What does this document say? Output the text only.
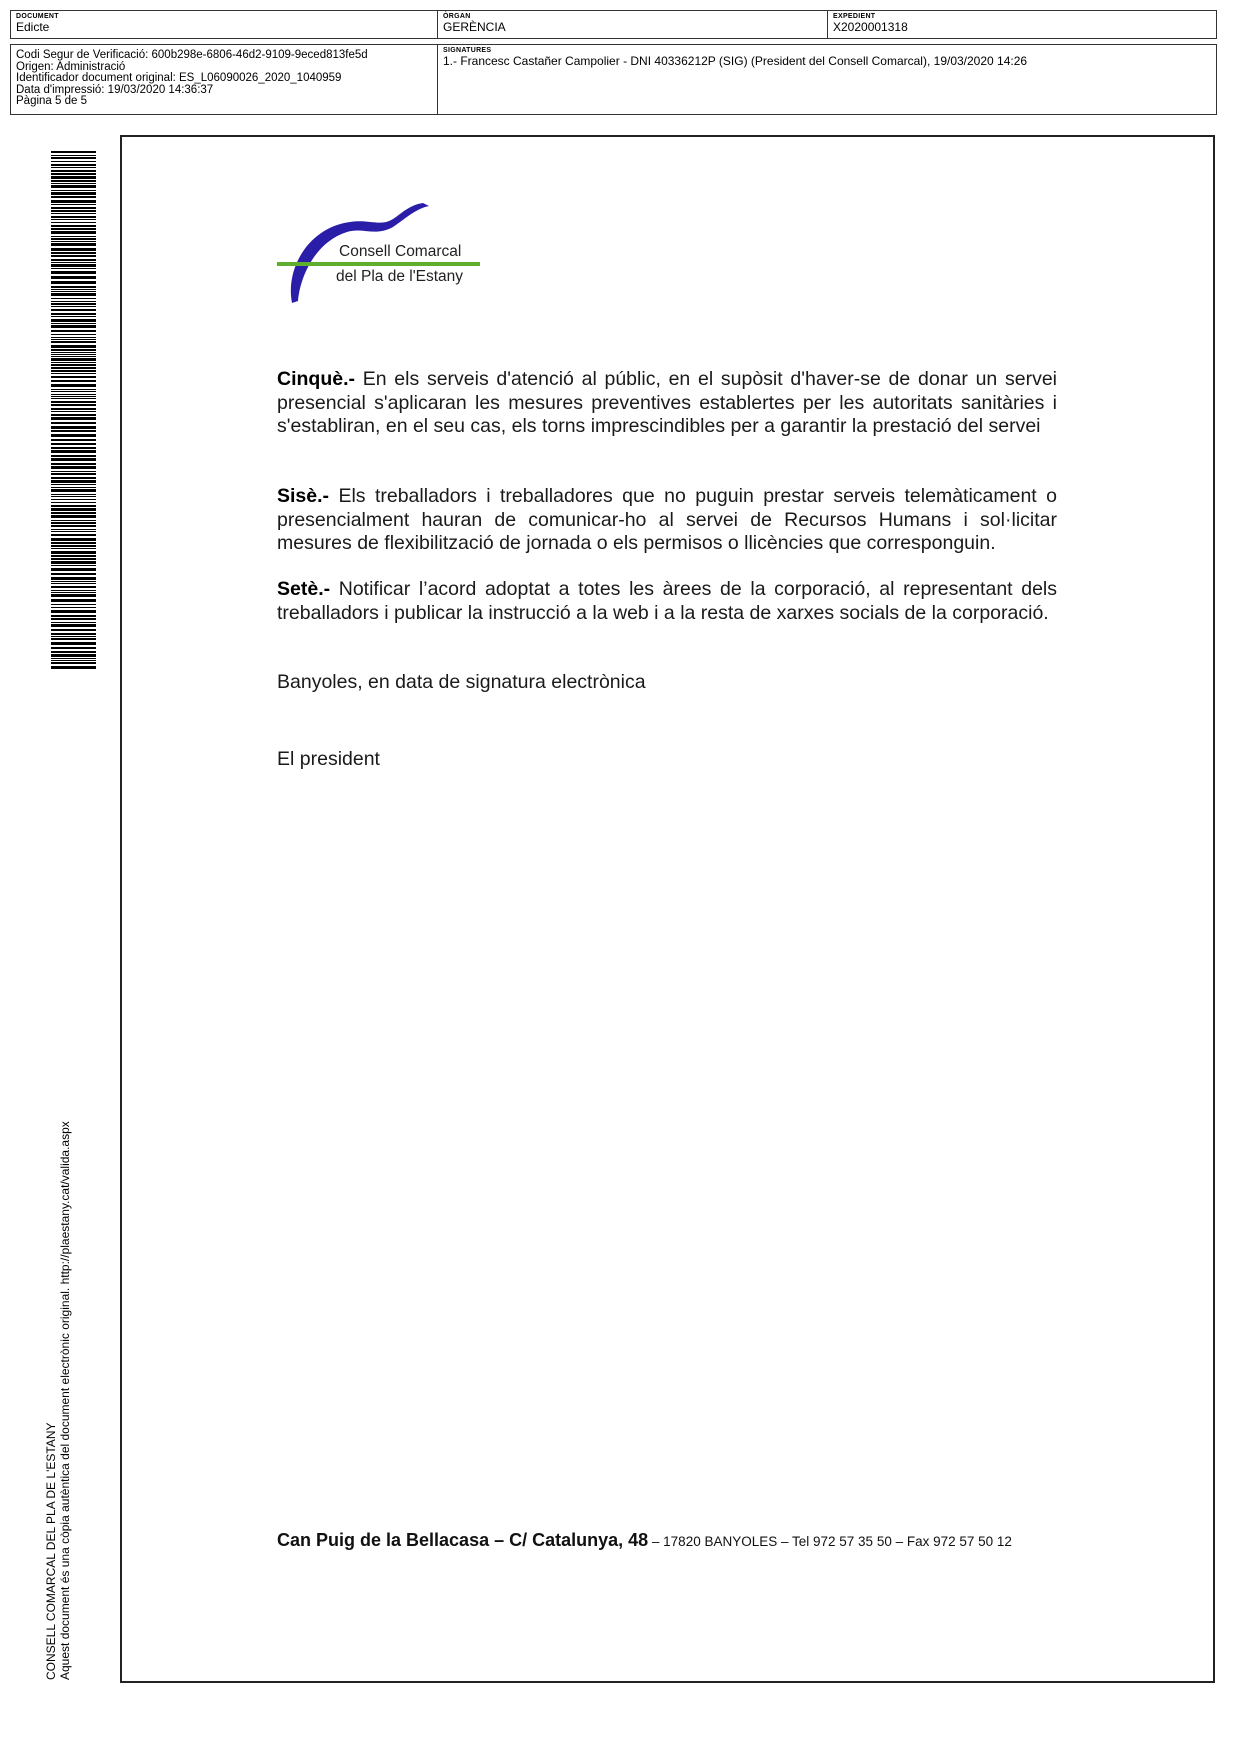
DOCUMENT
Edicte
ÒRGAN
GERÈNCIA
EXPEDIENT
X2020001318
Codi Segur de Verificació: 600b298e-6806-46d2-9109-9eced813fe5d
Origen: Administració
Identificador document original: ES_L06090026_2020_1040959
Data d'impressió: 19/03/2020 14:36:37
Pàgina 5 de 5
SIGNATURES
1.- Francesc Castañer Campolier - DNI 40336212P (SIG) (President del Consell Comarcal), 19/03/2020 14:26
CONSELL COMARCAL DEL PLA DE L'ESTANY Aquest document és una còpia autèntica del document electrònic original. http://plaestany.cat/valida.aspx
Consell Comarcal
del Pla de l'Estany
Cinquè.- En els serveis d'atenció al públic, en el supòsit d'haver-se de donar un servei presencial s'aplicaran les mesures preventives establertes per les autoritats sanitàries i s'establiran, en el seu cas, els torns imprescindibles per a garantir la prestació del servei
Sisè.- Els treballadors i treballadores que no puguin prestar serveis telemàticament o presencialment hauran de comunicar-ho al servei de Recursos Humans i sol·licitar mesures de flexibilització de jornada o els permisos o llicències que corresponguin.
Setè.- Notificar l’acord adoptat a totes les àrees de la corporació, al representant dels treballadors i publicar la instrucció a la web i a la resta de xarxes socials de la corporació.
Banyoles, en data de signatura electrònica
El president
Can Puig de la Bellacasa – C/ Catalunya, 48 – 17820 BANYOLES – Tel 972 57 35 50 – Fax 972 57 50 12
